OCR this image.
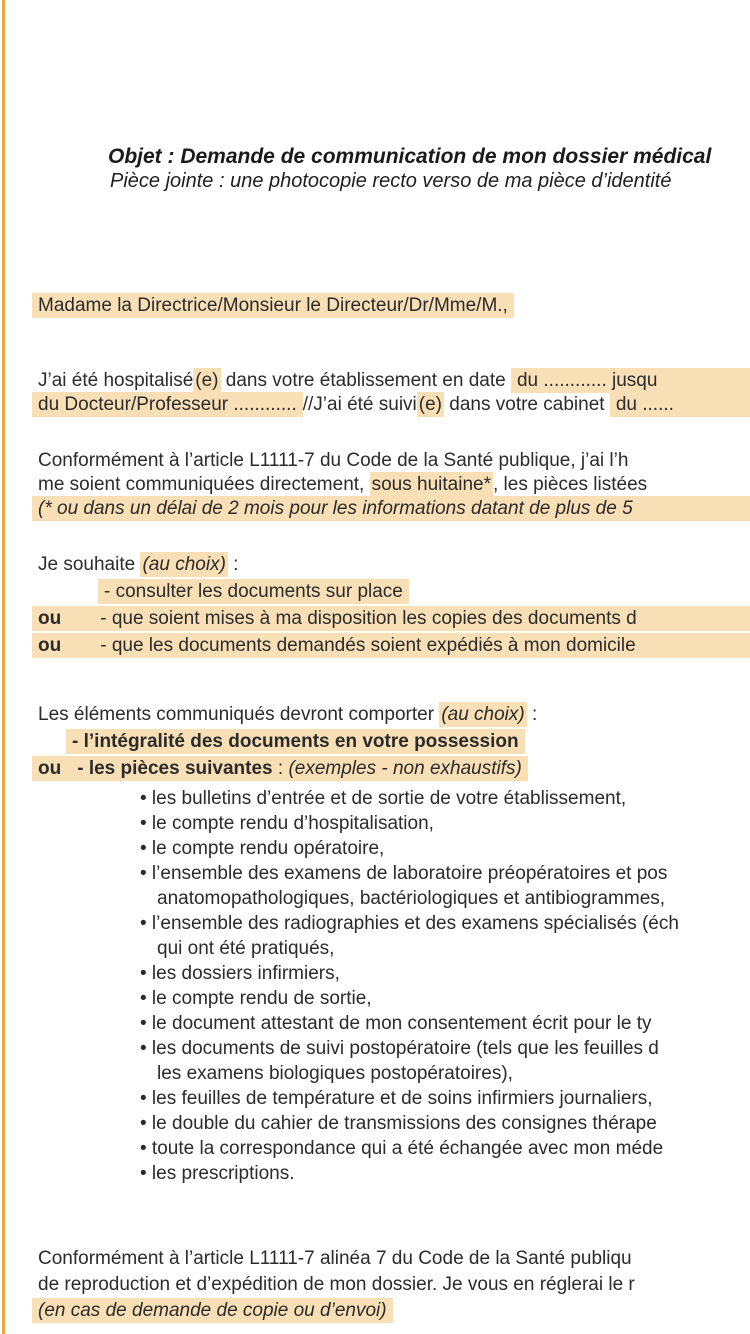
Objet : Demande de communication de mon dossier médical
Pièce jointe : une photocopie recto verso de ma pièce d’identité
Madame la Directrice/Monsieur le Directeur/Dr/Mme/M.,
J’ai été hospitalisé (e) dans votre établissement en date du ............ jusqu
du Docteur/Professeur ............ //J’ai été suivi (e) dans votre cabinet du ......
Conformément à l’article L1111-7 du Code de la Santé publique, j’ai l’h
me soient communiquées directement, sous huitaine* , les pièces listées
(* ou dans un délai de 2 mois pour les informations datant de plus de 5
Je souhaite (au choix) :
- consulter les documents sur place
ou - que soient mises à ma disposition les copies des documents d
ou - que les documents demandés soient expédiés à mon domicile
Les éléments communiqués devront comporter (au choix) :
- l’intégralité des documents en votre possession
ou - les pièces suivantes : (exemples - non exhaustifs)
• les bulletins d’entrée et de sortie de votre établissement,
• le compte rendu d’hospitalisation,
• le compte rendu opératoire,
• l’ensemble des examens de laboratoire préopératoires et pos
anatomopathologiques, bactériologiques et antibiogrammes,
• l’ensemble des radiographies et des examens spécialisés (éch
qui ont été pratiqués,
• les dossiers infirmiers,
• le compte rendu de sortie,
• le document attestant de mon consentement écrit pour le ty
• les documents de suivi postopératoire (tels que les feuilles d
les examens biologiques postopératoires),
• les feuilles de température et de soins infirmiers journaliers,
• le double du cahier de transmissions des consignes thérape
• toute la correspondance qui a été échangée avec mon méde
• les prescriptions.
Conformément à l’article L1111-7 alinéa 7 du Code de la Santé publiqu
de reproduction et d’expédition de mon dossier. Je vous en réglerai le r
(en cas de demande de copie ou d’envoi)
